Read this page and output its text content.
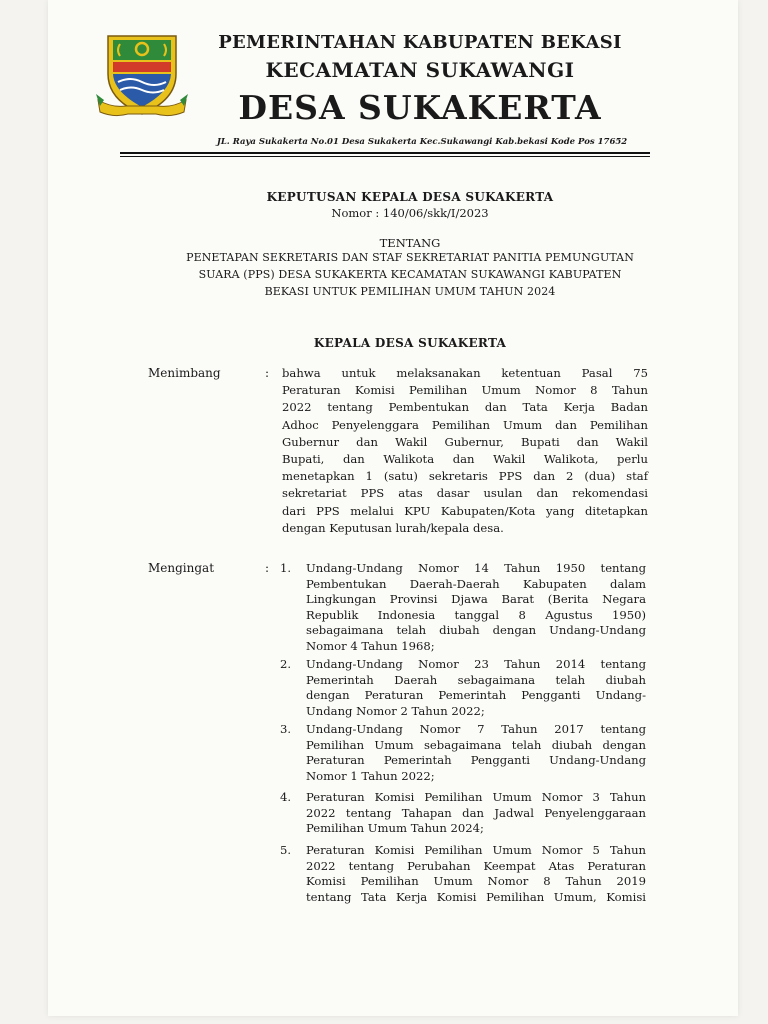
PEMERINTAHAN KABUPATEN BEKASI
KECAMATAN SUKAWANGI
DESA SUKAKERTA
JL. Raya Sukakerta No.01 Desa Sukakerta Kec.Sukawangi Kab.bekasi Kode Pos 17652
KEPUTUSAN KEPALA DESA SUKAKERTA
Nomor : 140/06/skk/I/2023
TENTANG
PENETAPAN SEKRETARIS DAN STAF SEKRETARIAT PANITIA PEMUNGUTAN
SUARA (PPS) DESA SUKAKERTA KECAMATAN SUKAWANGI KABUPATEN
BEKASI UNTUK PEMILIHAN UMUM TAHUN 2024
KEPALA DESA SUKAKERTA
Menimbang	: bahwa untuk melaksanakan ketentuan Pasal 75
Peraturan Komisi Pemilihan Umum Nomor 8 Tahun
2022 tentang Pembentukan dan Tata Kerja Badan
Adhoc Penyelenggara Pemilihan Umum dan Pemilihan
Gubernur dan Wakil Gubernur, Bupati dan Wakil
Bupati, dan Walikota dan Wakil Walikota, perlu
menetapkan 1 (satu) sekretaris PPS dan 2 (dua) staf
sekretariat PPS atas dasar usulan dan rekomendasi
dari PPS melalui KPU Kabupaten/Kota yang ditetapkan
dengan Keputusan lurah/kepala desa.
Mengingat	: 1. Undang-Undang Nomor 14 Tahun 1950 tentang
Pembentukan Daerah-Daerah Kabupaten dalam
Lingkungan Provinsi Djawa Barat (Berita Negara
Republik Indonesia tanggal 8 Agustus 1950)
sebagaimana telah diubah dengan Undang-Undang
Nomor 4 Tahun 1968;
2. Undang-Undang Nomor 23 Tahun 2014 tentang
Pemerintah Daerah sebagaimana telah diubah
dengan Peraturan Pemerintah Pengganti Undang-
Undang Nomor 2 Tahun 2022;
3. Undang-Undang Nomor 7 Tahun 2017 tentang
Pemilihan Umum sebagaimana telah diubah dengan
Peraturan Pemerintah Pengganti Undang-Undang
Nomor 1 Tahun 2022;
4. Peraturan Komisi Pemilihan Umum Nomor 3 Tahun
2022 tentang Tahapan dan Jadwal Penyelenggaraan
Pemilihan Umum Tahun 2024;
5. Peraturan Komisi Pemilihan Umum Nomor 5 Tahun
2022 tentang Perubahan Keempat Atas Peraturan
Komisi Pemilihan Umum Nomor 8 Tahun 2019
tentang Tata Kerja Komisi Pemilihan Umum, Komisi
